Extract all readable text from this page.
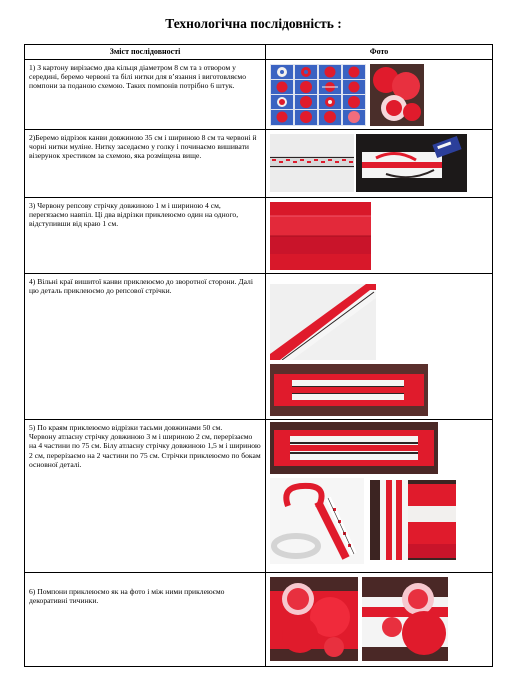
Технологічна послідовність :
Зміст послідовності	Фото

1) З картону вирізаємо два кільця діаметром 8 см та з отвором у середині, беремо червоні та білі нитки для в’язання і виготовляємо помпони за поданою схемою. Таких помпонів потрібно 6 штук.

2)Беремо відрізок канви довжиною 35 см і шириною 8 см та червоні й чорні нитки муліне. Нитку заседаємо у голку і починаємо вишивати візерунок хрестиком за схемою, яка розміщена вище.

3) Червону репсову стрічку довжиною 1 м і шириною 4 см, перегязаємо навпіл. Ці два відрізки приклеюємо один на одного, відступивши від краю 1 см.

4) Вільні краї вишитої канви приклеюємо до зворотної сторони. Далі цю деталь приклеюємо до репсової стрічки.

5) По краям приклеюємо відрізки тасьми довжинами 50 см.
Червону атласну стрічку довжиною 3 м і шириною 2 см, перерізаємо на 4 частини по 75 см. Білу атласну стрічку довжиною 1,5 м і шириною 2 см, перерізаємо на 2 частини по 75 см. Стрічки приклеюємо по бокам основної деталі.

6) Помпони приклеюємо як на фото і між ними приклеюємо декоративні тичинки.
